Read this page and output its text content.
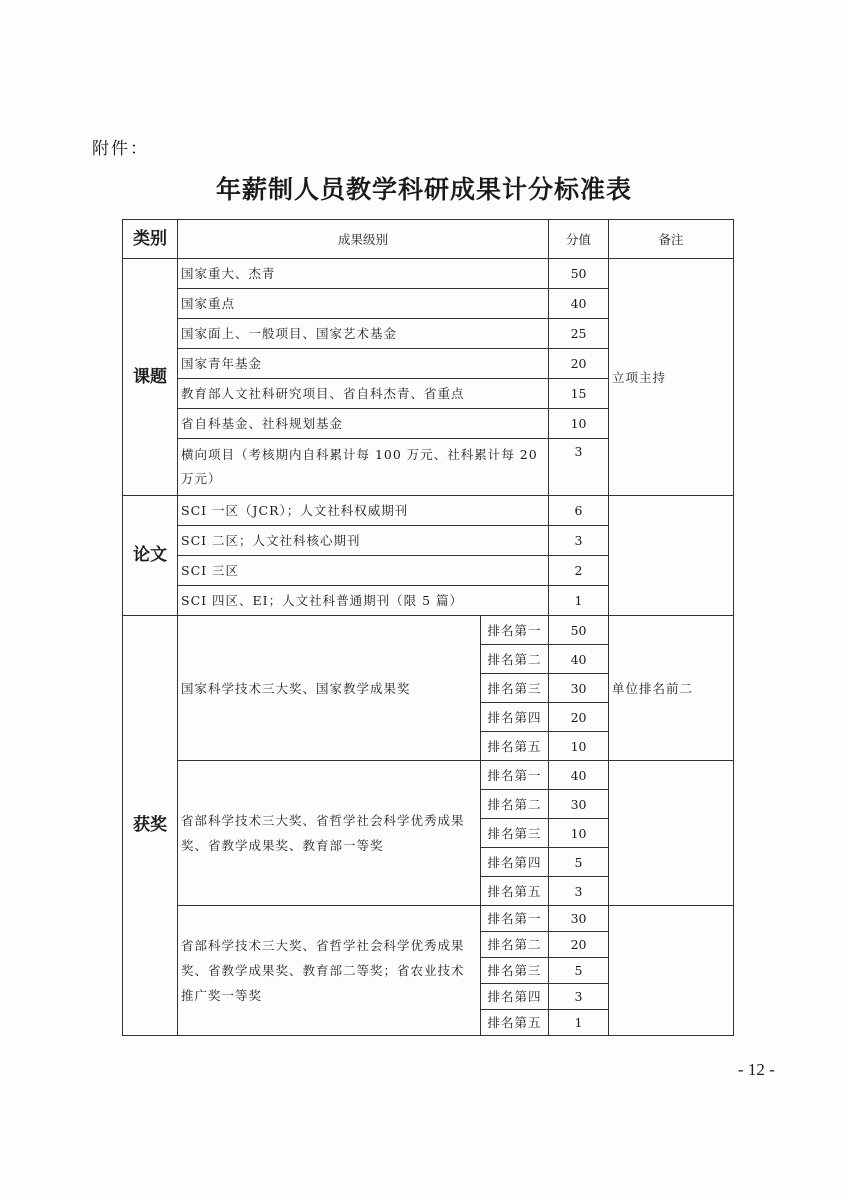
附件：
年薪制人员教学科研成果计分标准表
类别	成果级别		分值	备注
课题	国家重大、杰青		50	立项主持
	国家重点		40	
	国家面上、一般项目、国家艺术基金		25	
	国家青年基金		20	
	教育部人文社科研究项目、省自科杰青、省重点		15	
	省自科基金、社科规划基金		10	
	横向项目（考核期内自科累计每 100 万元、社科累计每 20 万元）		3	
论文	SCI 一区（JCR）；人文社科权威期刊		6	
	SCI 二区；人文社科核心期刊		3	
	SCI 三区		2	
	SCI 四区、EI；人文社科普通期刊（限 5 篇）		1	
获奖	国家科学技术三大奖、国家教学成果奖	排名第一	50	单位排名前二
		排名第二	40	
		排名第三	30	
		排名第四	20	
		排名第五	10	
	省部科学技术三大奖、省哲学社会科学优秀成果奖、省教学成果奖、教育部一等奖	排名第一	40	
		排名第二	30	
		排名第三	10	
		排名第四	5	
		排名第五	3	
	省部科学技术三大奖、省哲学社会科学优秀成果奖、省教学成果奖、教育部二等奖；省农业技术推广奖一等奖	排名第一	30	
		排名第二	20	
		排名第三	5	
		排名第四	3	
		排名第五	1	
- 12 -
